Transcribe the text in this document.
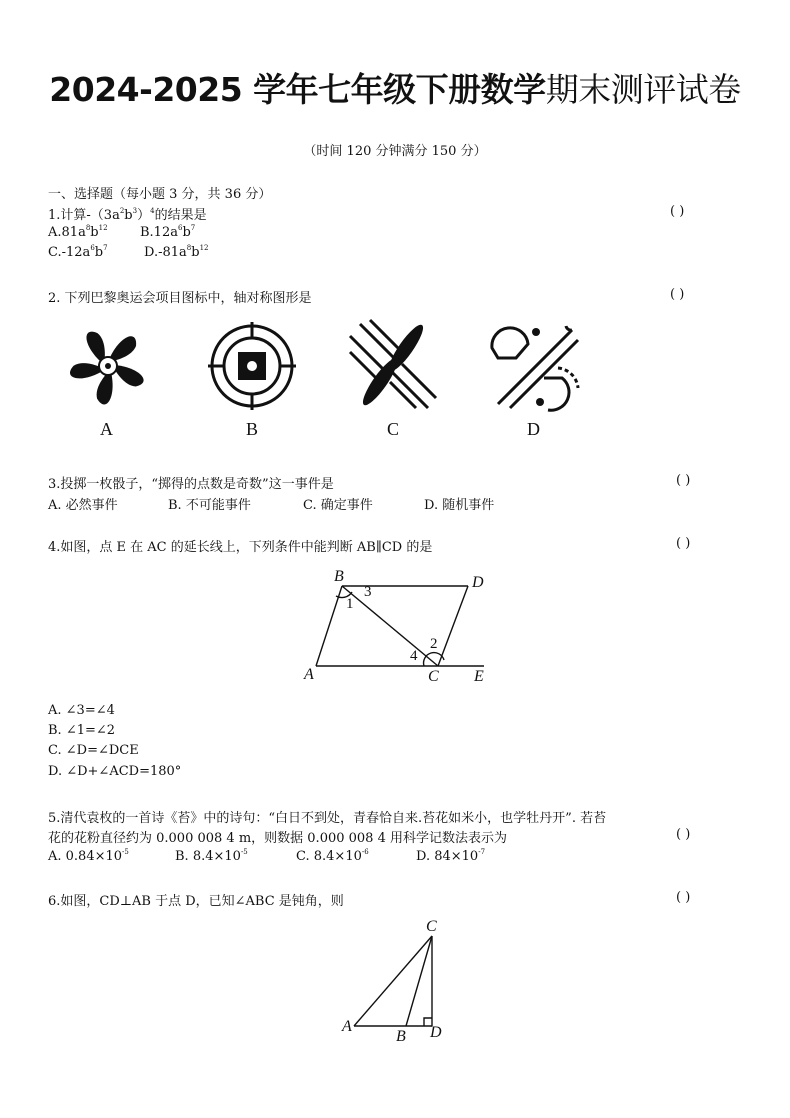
2024-2025 学年七年级下册数学期末测评试卷
（时间 120 分钟满分 150 分）
一、选择题（每小题 3 分，共 36 分）
1.计算$-(3a^2b^3)^4$的结果是	( )
$A.81a^8b^{12}$ $B.12a^6b^7$
$C.-12a^6b^7$	$D.-81a^8b^{12}$
2. 下列巴黎奥运会项目图标中，轴对称图形是	( )
A	B	C	D
3.投掷一枚骰子，“掷得的点数是奇数”这一事件是	( )
A. 必然事件	B. 不可能事件	C. 确定事件	D. 随机事件
4.如图，点 E 在 AC 的延长线上，下列条件中能判断 AB∥CD 的是	( )
B	D
A	C E
1
3
2
4
A. ∠3=∠4
B. ∠1=∠2
C. ∠D=∠DCE
D. ∠D+∠ACD=180°
5.清代袁枚的一首诗《苔》中的诗句：“白日不到处，青春恰自来.苔花如米小，也学牡丹开”. 若苔
花的花粉直径约为 0.000 008 4 m，则数据 0.000 008 4 用科学记数法表示为	( )
A. $0.84\times 10^{-5}$	B. $8.4\times 10^{-5}$	C. $8.4\times 10^{-6}$	D. $84\times 10^{-7}$
6.如图，CD⊥AB 于点 D，已知∠ABC 是钝角，则	( )
C
A
B D
